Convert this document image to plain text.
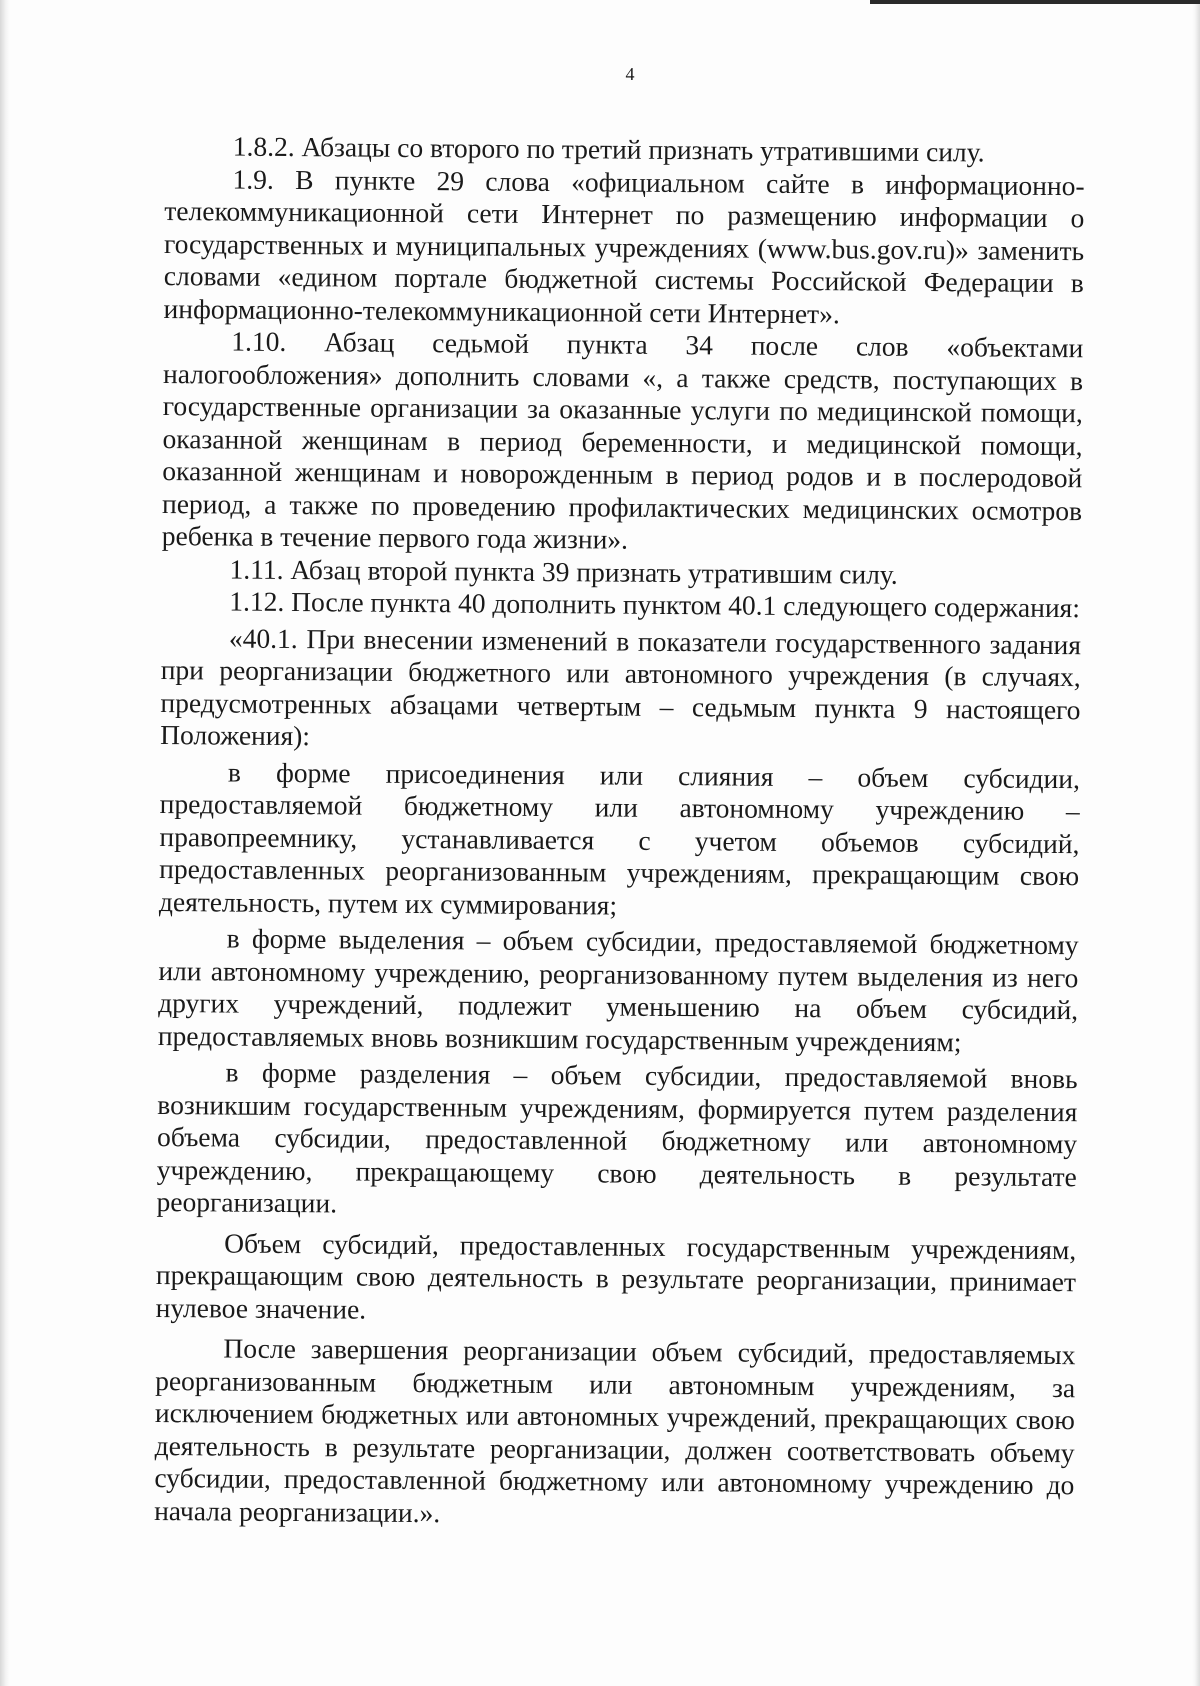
4

1.8.2. Абзацы со второго по третий признать утратившими силу.

1.9. В пункте 29 слова «официальном сайте в информационно-телекоммуникационной сети Интернет по размещению информации о государственных и муниципальных учреждениях (www.bus.gov.ru)» заменить словами «едином портале бюджетной системы Российской Федерации в информационно-телекоммуникационной сети Интернет».

1.10. Абзац седьмой пункта 34 после слов «объектами налогообложения» дополнить словами «, а также средств, поступающих в государственные организации за оказанные услуги по медицинской помощи, оказанной женщинам в период беременности, и медицинской помощи, оказанной женщинам и новорожденным в период родов и в послеродовой период, а также по проведению профилактических медицинских осмотров ребенка в течение первого года жизни».

1.11. Абзац второй пункта 39 признать утратившим силу.

1.12. После пункта 40 дополнить пунктом 40.1 следующего содержания:

«40.1. При внесении изменений в показатели государственного задания при реорганизации бюджетного или автономного учреждения (в случаях, предусмотренных абзацами четвертым – седьмым пункта 9 настоящего Положения):

в форме присоединения или слияния – объем субсидии, предоставляемой бюджетному или автономному учреждению – правопреемнику, устанавливается с учетом объемов субсидий, предоставленных реорганизованным учреждениям, прекращающим свою деятельность, путем их суммирования;

в форме выделения – объем субсидии, предоставляемой бюджетному или автономному учреждению, реорганизованному путем выделения из него других учреждений, подлежит уменьшению на объем субсидий, предоставляемых вновь возникшим государственным учреждениям;

в форме разделения – объем субсидии, предоставляемой вновь возникшим государственным учреждениям, формируется путем разделения объема субсидии, предоставленной бюджетному или автономному учреждению, прекращающему свою деятельность в результате реорганизации.

Объем субсидий, предоставленных государственным учреждениям, прекращающим свою деятельность в результате реорганизации, принимает нулевое значение.

После завершения реорганизации объем субсидий, предоставляемых реорганизованным бюджетным или автономным учреждениям, за исключением бюджетных или автономных учреждений, прекращающих свою деятельность в результате реорганизации, должен соответствовать объему субсидии, предоставленной бюджетному или автономному учреждению до начала реорганизации.».
